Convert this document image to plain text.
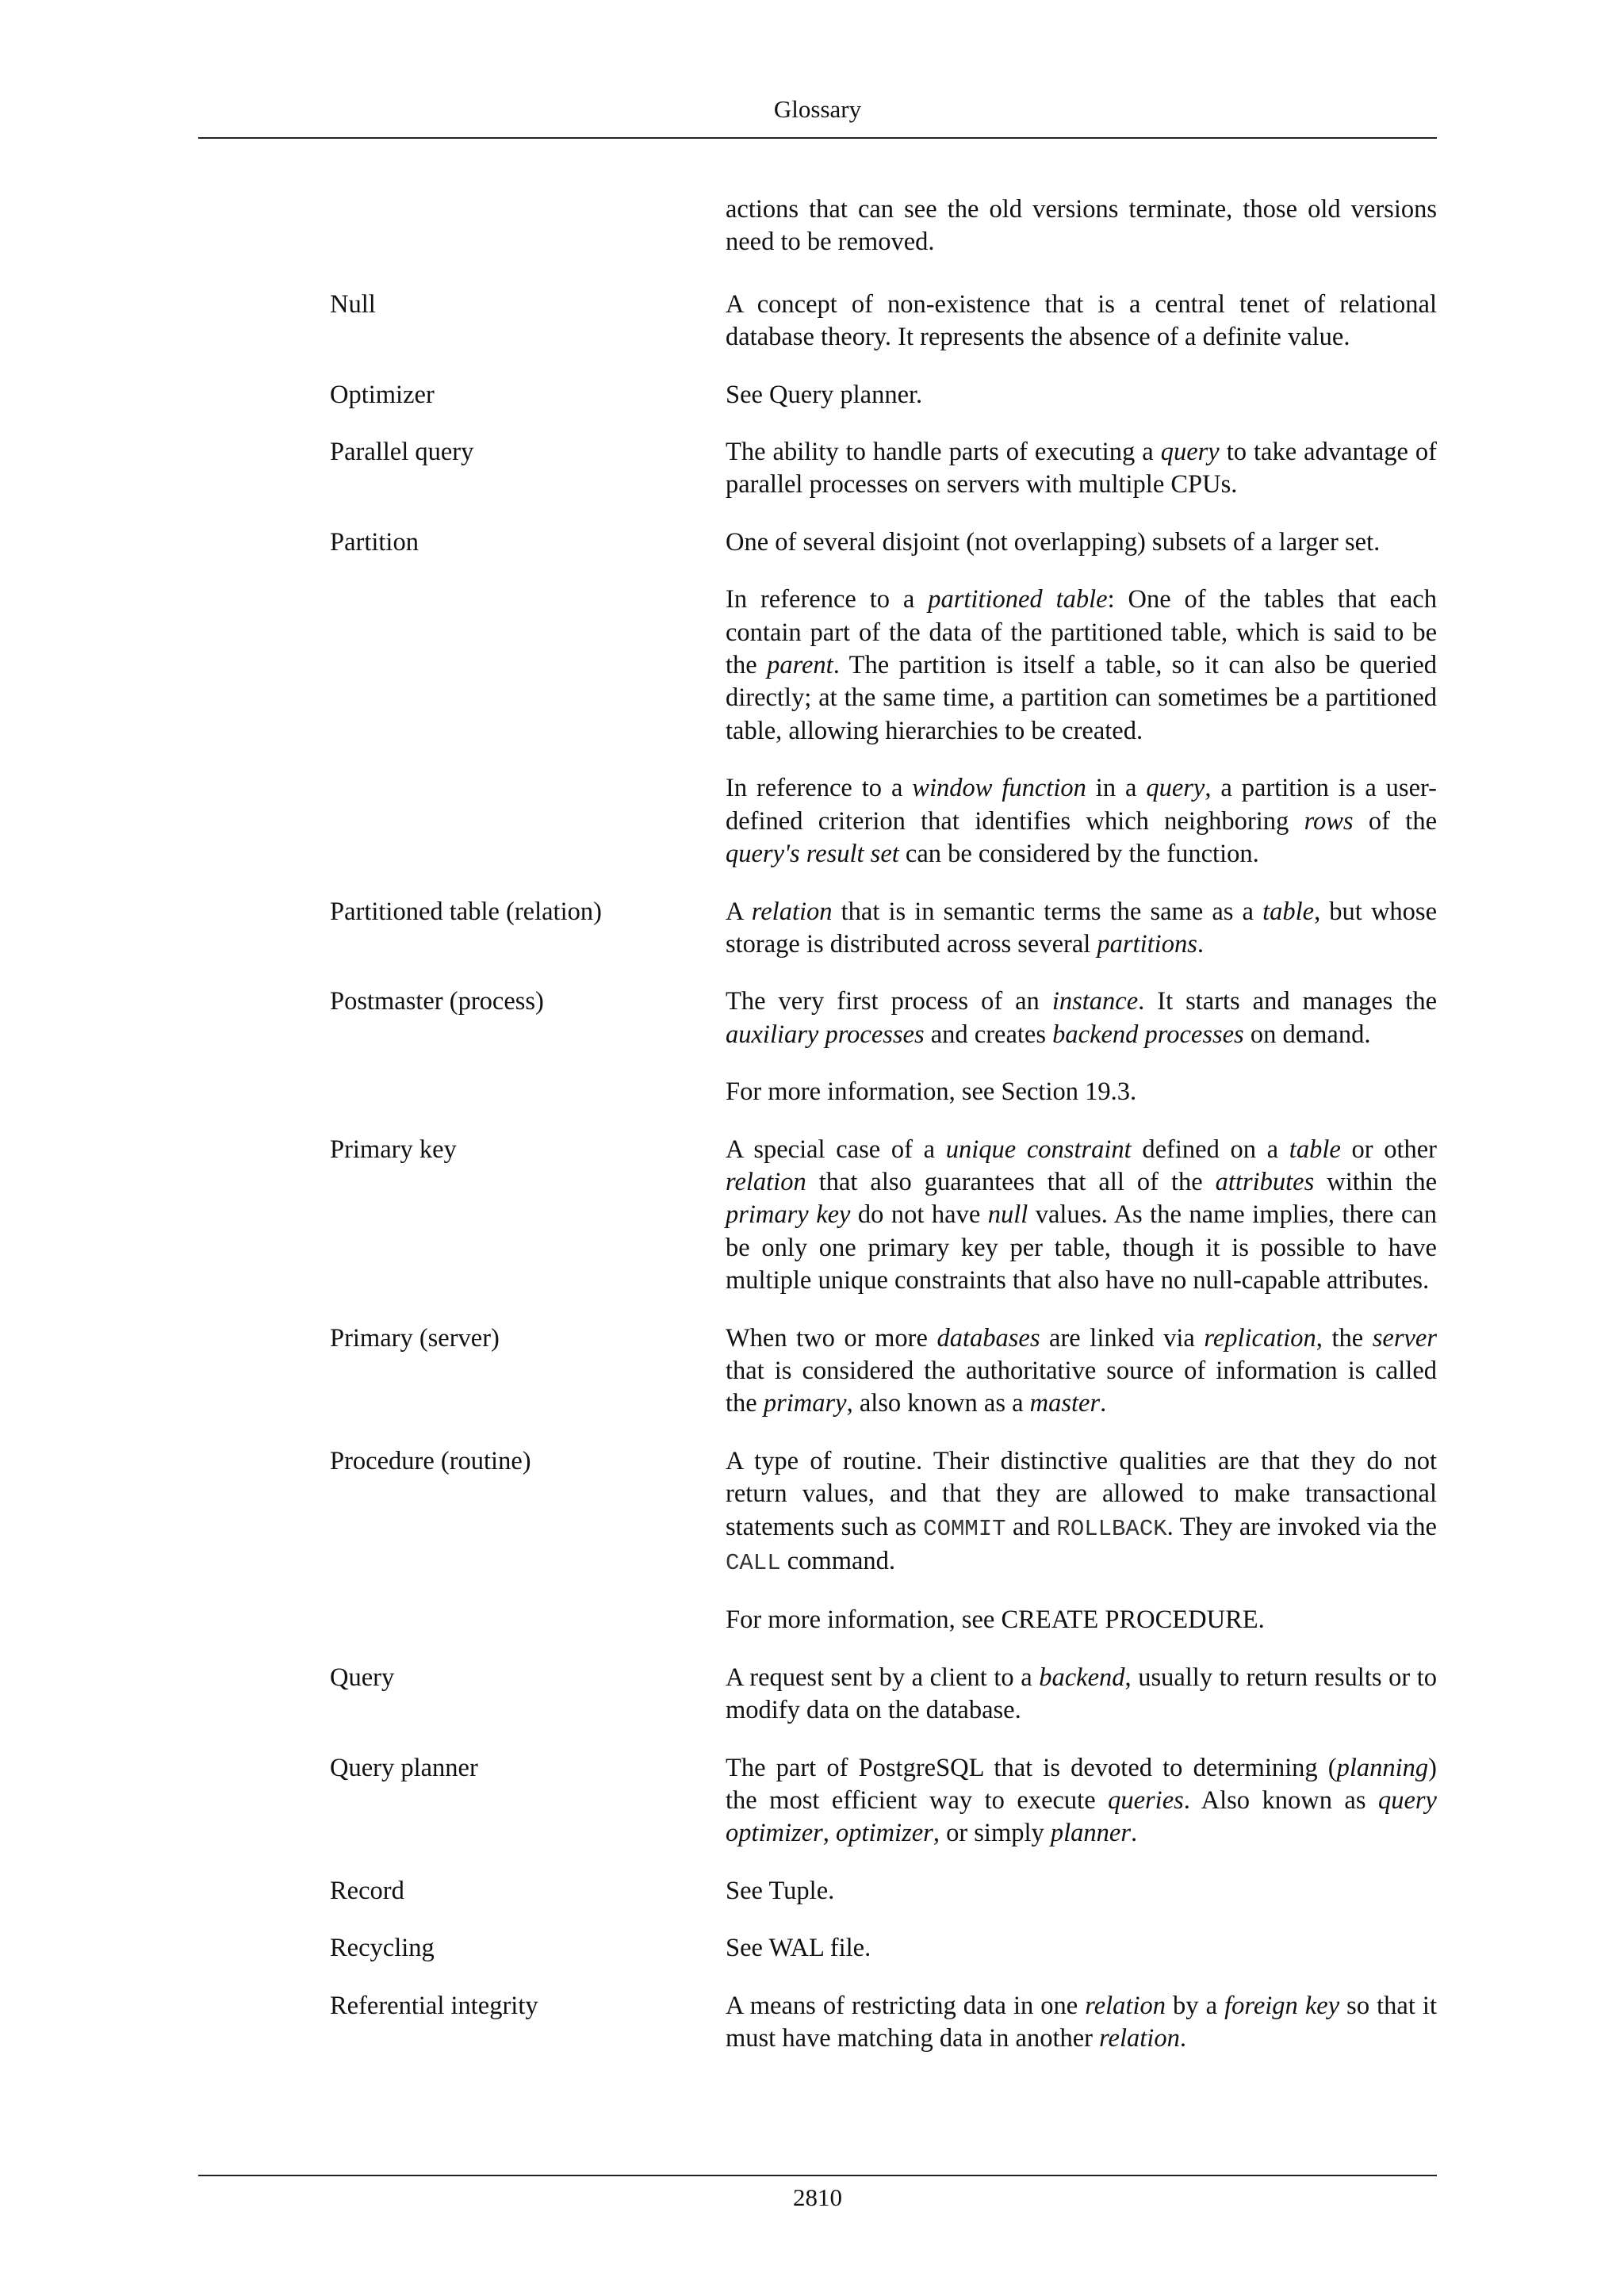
Glossary
actions that can see the old versions terminate, those old versions need to be removed.
Null	A concept of non-existence that is a central tenet of relational database theory. It represents the absence of a definite value.
Optimizer	See Query planner.
Parallel query	The ability to handle parts of executing a query to take advantage of parallel processes on servers with multiple CPUs.
Partition	One of several disjoint (not overlapping) subsets of a larger set.
In reference to a partitioned table: One of the tables that each contain part of the data of the partitioned table, which is said to be the parent. The partition is itself a table, so it can also be queried directly; at the same time, a partition can sometimes be a partitioned table, allowing hierarchies to be created.
In reference to a window function in a query, a partition is a user-defined criterion that identifies which neighboring rows of the query's result set can be considered by the function.
Partitioned table (relation)	A relation that is in semantic terms the same as a table, but whose storage is distributed across several partitions.
Postmaster (process)	The very first process of an instance. It starts and manages the auxiliary processes and creates backend processes on demand.
For more information, see Section 19.3.
Primary key	A special case of a unique constraint defined on a table or other relation that also guarantees that all of the attributes within the primary key do not have null values. As the name implies, there can be only one primary key per table, though it is possible to have multiple unique constraints that also have no null-capable attributes.
Primary (server)	When two or more databases are linked via replication, the server that is considered the authoritative source of information is called the primary, also known as a master.
Procedure (routine)	A type of routine. Their distinctive qualities are that they do not return values, and that they are allowed to make transactional statements such as COMMIT and ROLLBACK. They are invoked via the CALL command.
For more information, see CREATE PROCEDURE.
Query	A request sent by a client to a backend, usually to return results or to modify data on the database.
Query planner	The part of PostgreSQL that is devoted to determining (planning) the most efficient way to execute queries. Also known as query optimizer, optimizer, or simply planner.
Record	See Tuple.
Recycling	See WAL file.
Referential integrity	A means of restricting data in one relation by a foreign key so that it must have matching data in another relation.
2810
